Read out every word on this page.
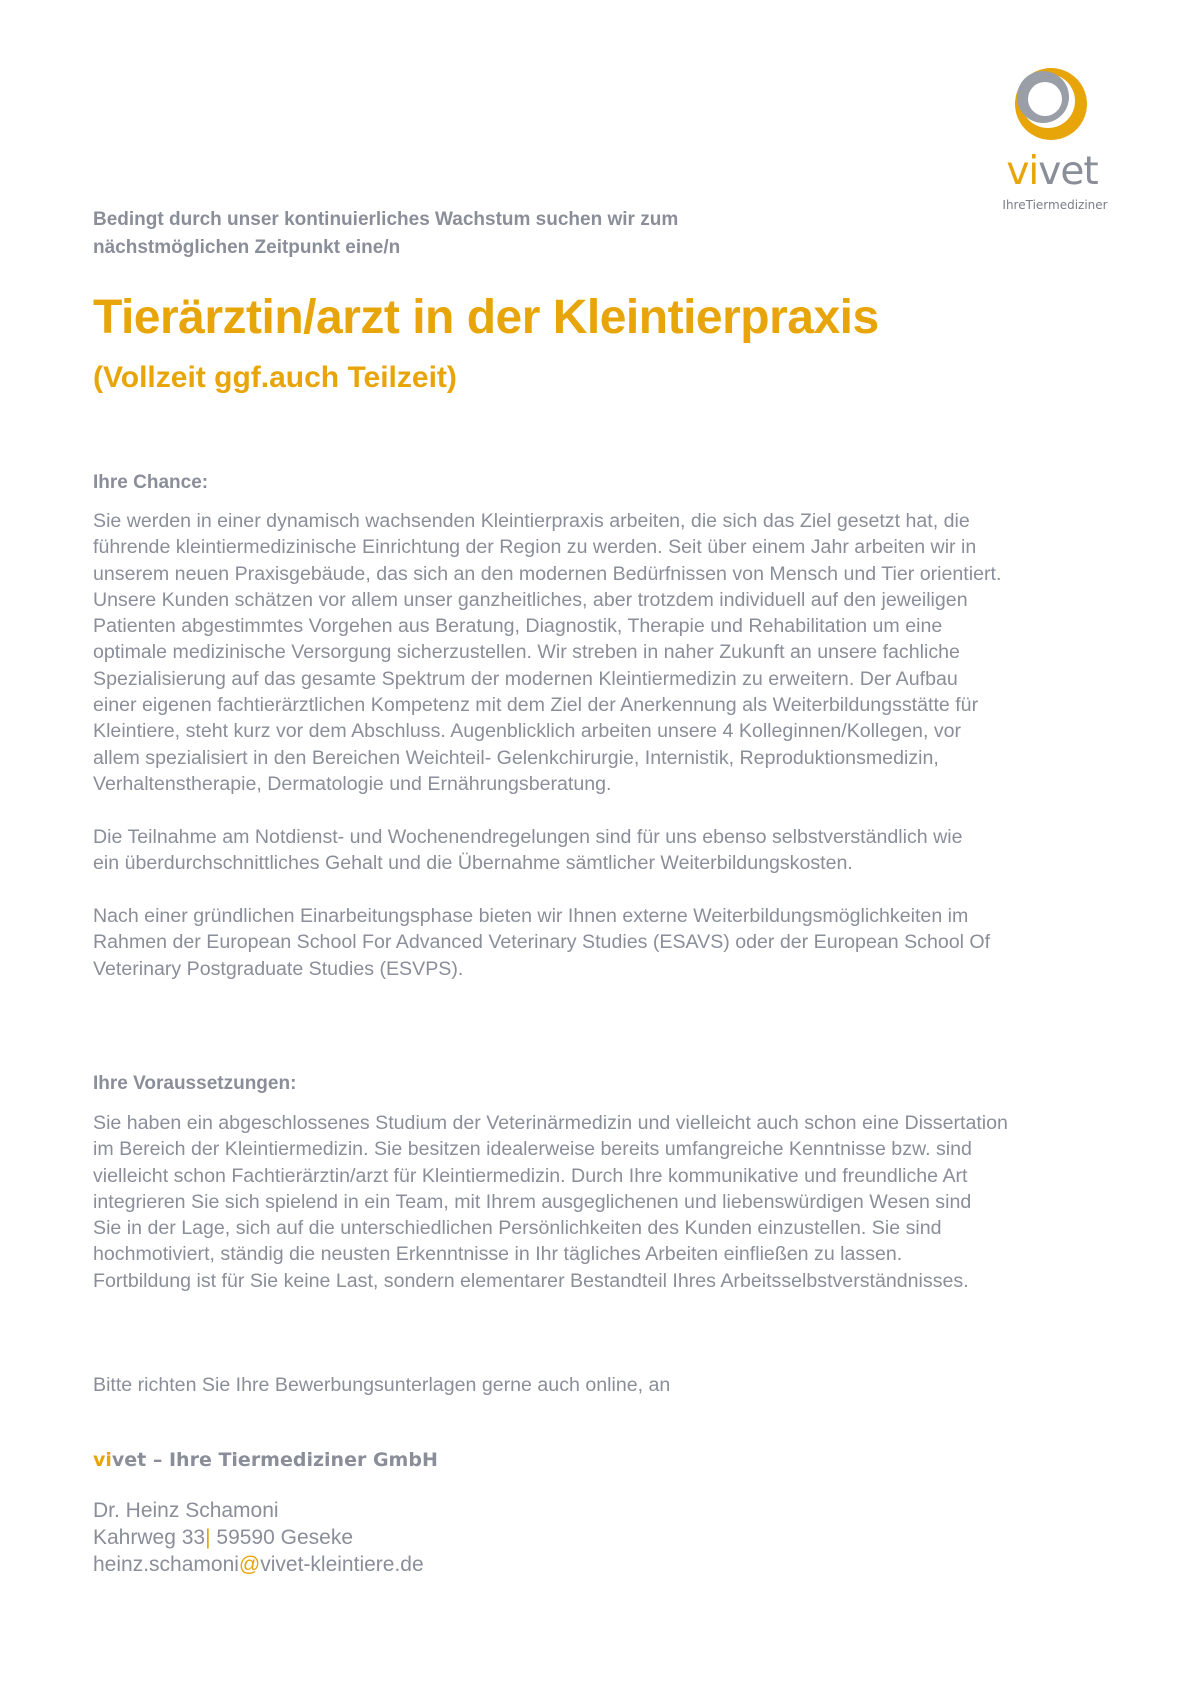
vivet
IhreTiermediziner
Bedingt durch unser kontinuierliches Wachstum suchen wir zum
nächstmöglichen Zeitpunkt eine/n
Tierärztin/arzt in der Kleintierpraxis
(Vollzeit ggf.auch Teilzeit)
Ihre Chance:
Sie werden in einer dynamisch wachsenden Kleintierpraxis arbeiten, die sich das Ziel gesetzt hat, die
führende kleintiermedizinische Einrichtung der Region zu werden. Seit über einem Jahr arbeiten wir in
unserem neuen Praxisgebäude, das sich an den modernen Bedürfnissen von Mensch und Tier orientiert.
Unsere Kunden schätzen vor allem unser ganzheitliches, aber trotzdem individuell auf den jeweiligen
Patienten abgestimmtes Vorgehen aus Beratung, Diagnostik, Therapie und Rehabilitation um eine
optimale medizinische Versorgung sicherzustellen. Wir streben in naher Zukunft an unsere fachliche
Spezialisierung auf das gesamte Spektrum der modernen Kleintiermedizin zu erweitern. Der Aufbau
einer eigenen fachtierärztlichen Kompetenz mit dem Ziel der Anerkennung als Weiterbildungsstätte für
Kleintiere, steht kurz vor dem Abschluss. Augenblicklich arbeiten unsere 4 Kolleginnen/Kollegen, vor
allem spezialisiert in den Bereichen Weichteil- Gelenkchirurgie, Internistik, Reproduktionsmedizin,
Verhaltenstherapie, Dermatologie und Ernährungsberatung.
Die Teilnahme am Notdienst- und Wochenendregelungen sind für uns ebenso selbstverständlich wie
ein überdurchschnittliches Gehalt und die Übernahme sämtlicher Weiterbildungskosten.
Nach einer gründlichen Einarbeitungsphase bieten wir Ihnen externe Weiterbildungsmöglichkeiten im
Rahmen der European School For Advanced Veterinary Studies (ESAVS) oder der European School Of
Veterinary Postgraduate Studies (ESVPS).
Ihre Voraussetzungen:
Sie haben ein abgeschlossenes Studium der Veterinärmedizin und vielleicht auch schon eine Dissertation
im Bereich der Kleintiermedizin. Sie besitzen idealerweise bereits umfangreiche Kenntnisse bzw. sind
vielleicht schon Fachtierärztin/arzt für Kleintiermedizin. Durch Ihre kommunikative und freundliche Art
integrieren Sie sich spielend in ein Team, mit Ihrem ausgeglichenen und liebenswürdigen Wesen sind
Sie in der Lage, sich auf die unterschiedlichen Persönlichkeiten des Kunden einzustellen. Sie sind
hochmotiviert, ständig die neusten Erkenntnisse in Ihr tägliches Arbeiten einfließen zu lassen.
Fortbildung ist für Sie keine Last, sondern elementarer Bestandteil Ihres Arbeitsselbstverständnisses.
Bitte richten Sie Ihre Bewerbungsunterlagen gerne auch online, an
vivet – Ihre Tiermediziner GmbH
Dr. Heinz Schamoni
Kahrweg 33| 59590 Geseke
heinz.schamoni@vivet-kleintiere.de
